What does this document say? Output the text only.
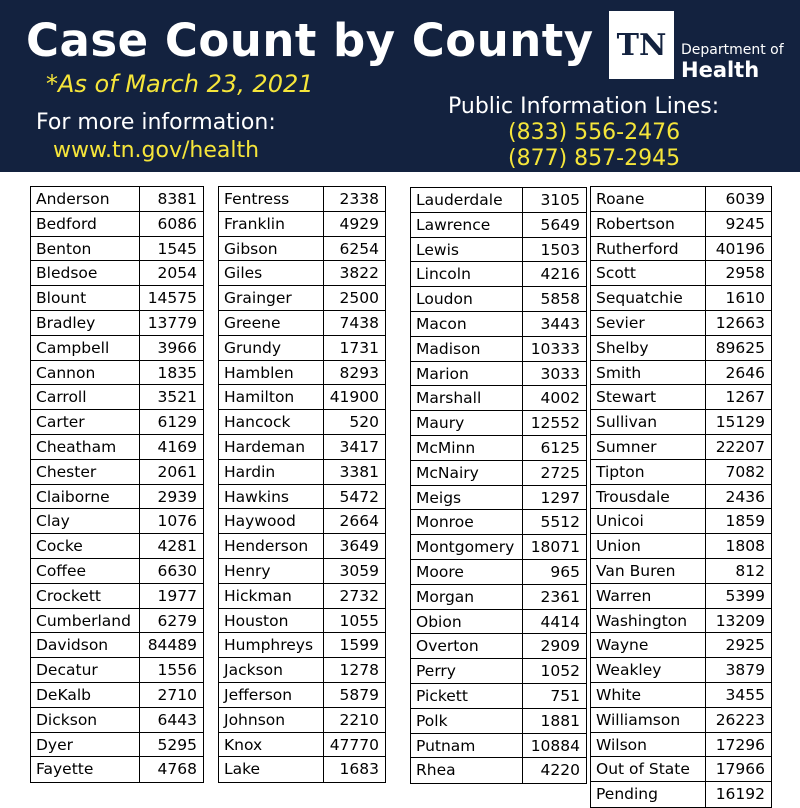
Case Count by County
*As of March 23, 2021
For more information:
www.tn.gov/health
TN	Department of
Health
Public Information Lines:
(833) 556-2476
(877) 857-2945
Anderson	8381
Bedford	6086
Benton	1545
Bledsoe	2054
Blount	14575
Bradley	13779
Campbell	3966
Cannon	1835
Carroll	3521
Carter	6129
Cheatham	4169
Chester	2061
Claiborne	2939
Clay	1076
Cocke	4281
Coffee	6630
Crockett	1977
Cumberland	6279
Davidson	84489
Decatur	1556
DeKalb	2710
Dickson	6443
Dyer	5295
Fayette	4768
Fentress	2338
Franklin	4929
Gibson	6254
Giles	3822
Grainger	2500
Greene	7438
Grundy	1731
Hamblen	8293
Hamilton	41900
Hancock	520
Hardeman	3417
Hardin	3381
Hawkins	5472
Haywood	2664
Henderson	3649
Henry	3059
Hickman	2732
Houston	1055
Humphreys	1599
Jackson	1278
Jefferson	5879
Johnson	2210
Knox	47770
Lake	1683
Lauderdale	3105
Lawrence	5649
Lewis	1503
Lincoln	4216
Loudon	5858
Macon	3443
Madison	10333
Marion	3033
Marshall	4002
Maury	12552
McMinn	6125
McNairy	2725
Meigs	1297
Monroe	5512
Montgomery	18071
Moore	965
Morgan	2361
Obion	4414
Overton	2909
Perry	1052
Pickett	751
Polk	1881
Putnam	10884
Rhea	4220
Roane	6039
Robertson	9245
Rutherford	40196
Scott	2958
Sequatchie	1610
Sevier	12663
Shelby	89625
Smith	2646
Stewart	1267
Sullivan	15129
Sumner	22207
Tipton	7082
Trousdale	2436
Unicoi	1859
Union	1808
Van Buren	812
Warren	5399
Washington	13209
Wayne	2925
Weakley	3879
White	3455
Williamson	26223
Wilson	17296
Out of State	17966
Pending	16192
